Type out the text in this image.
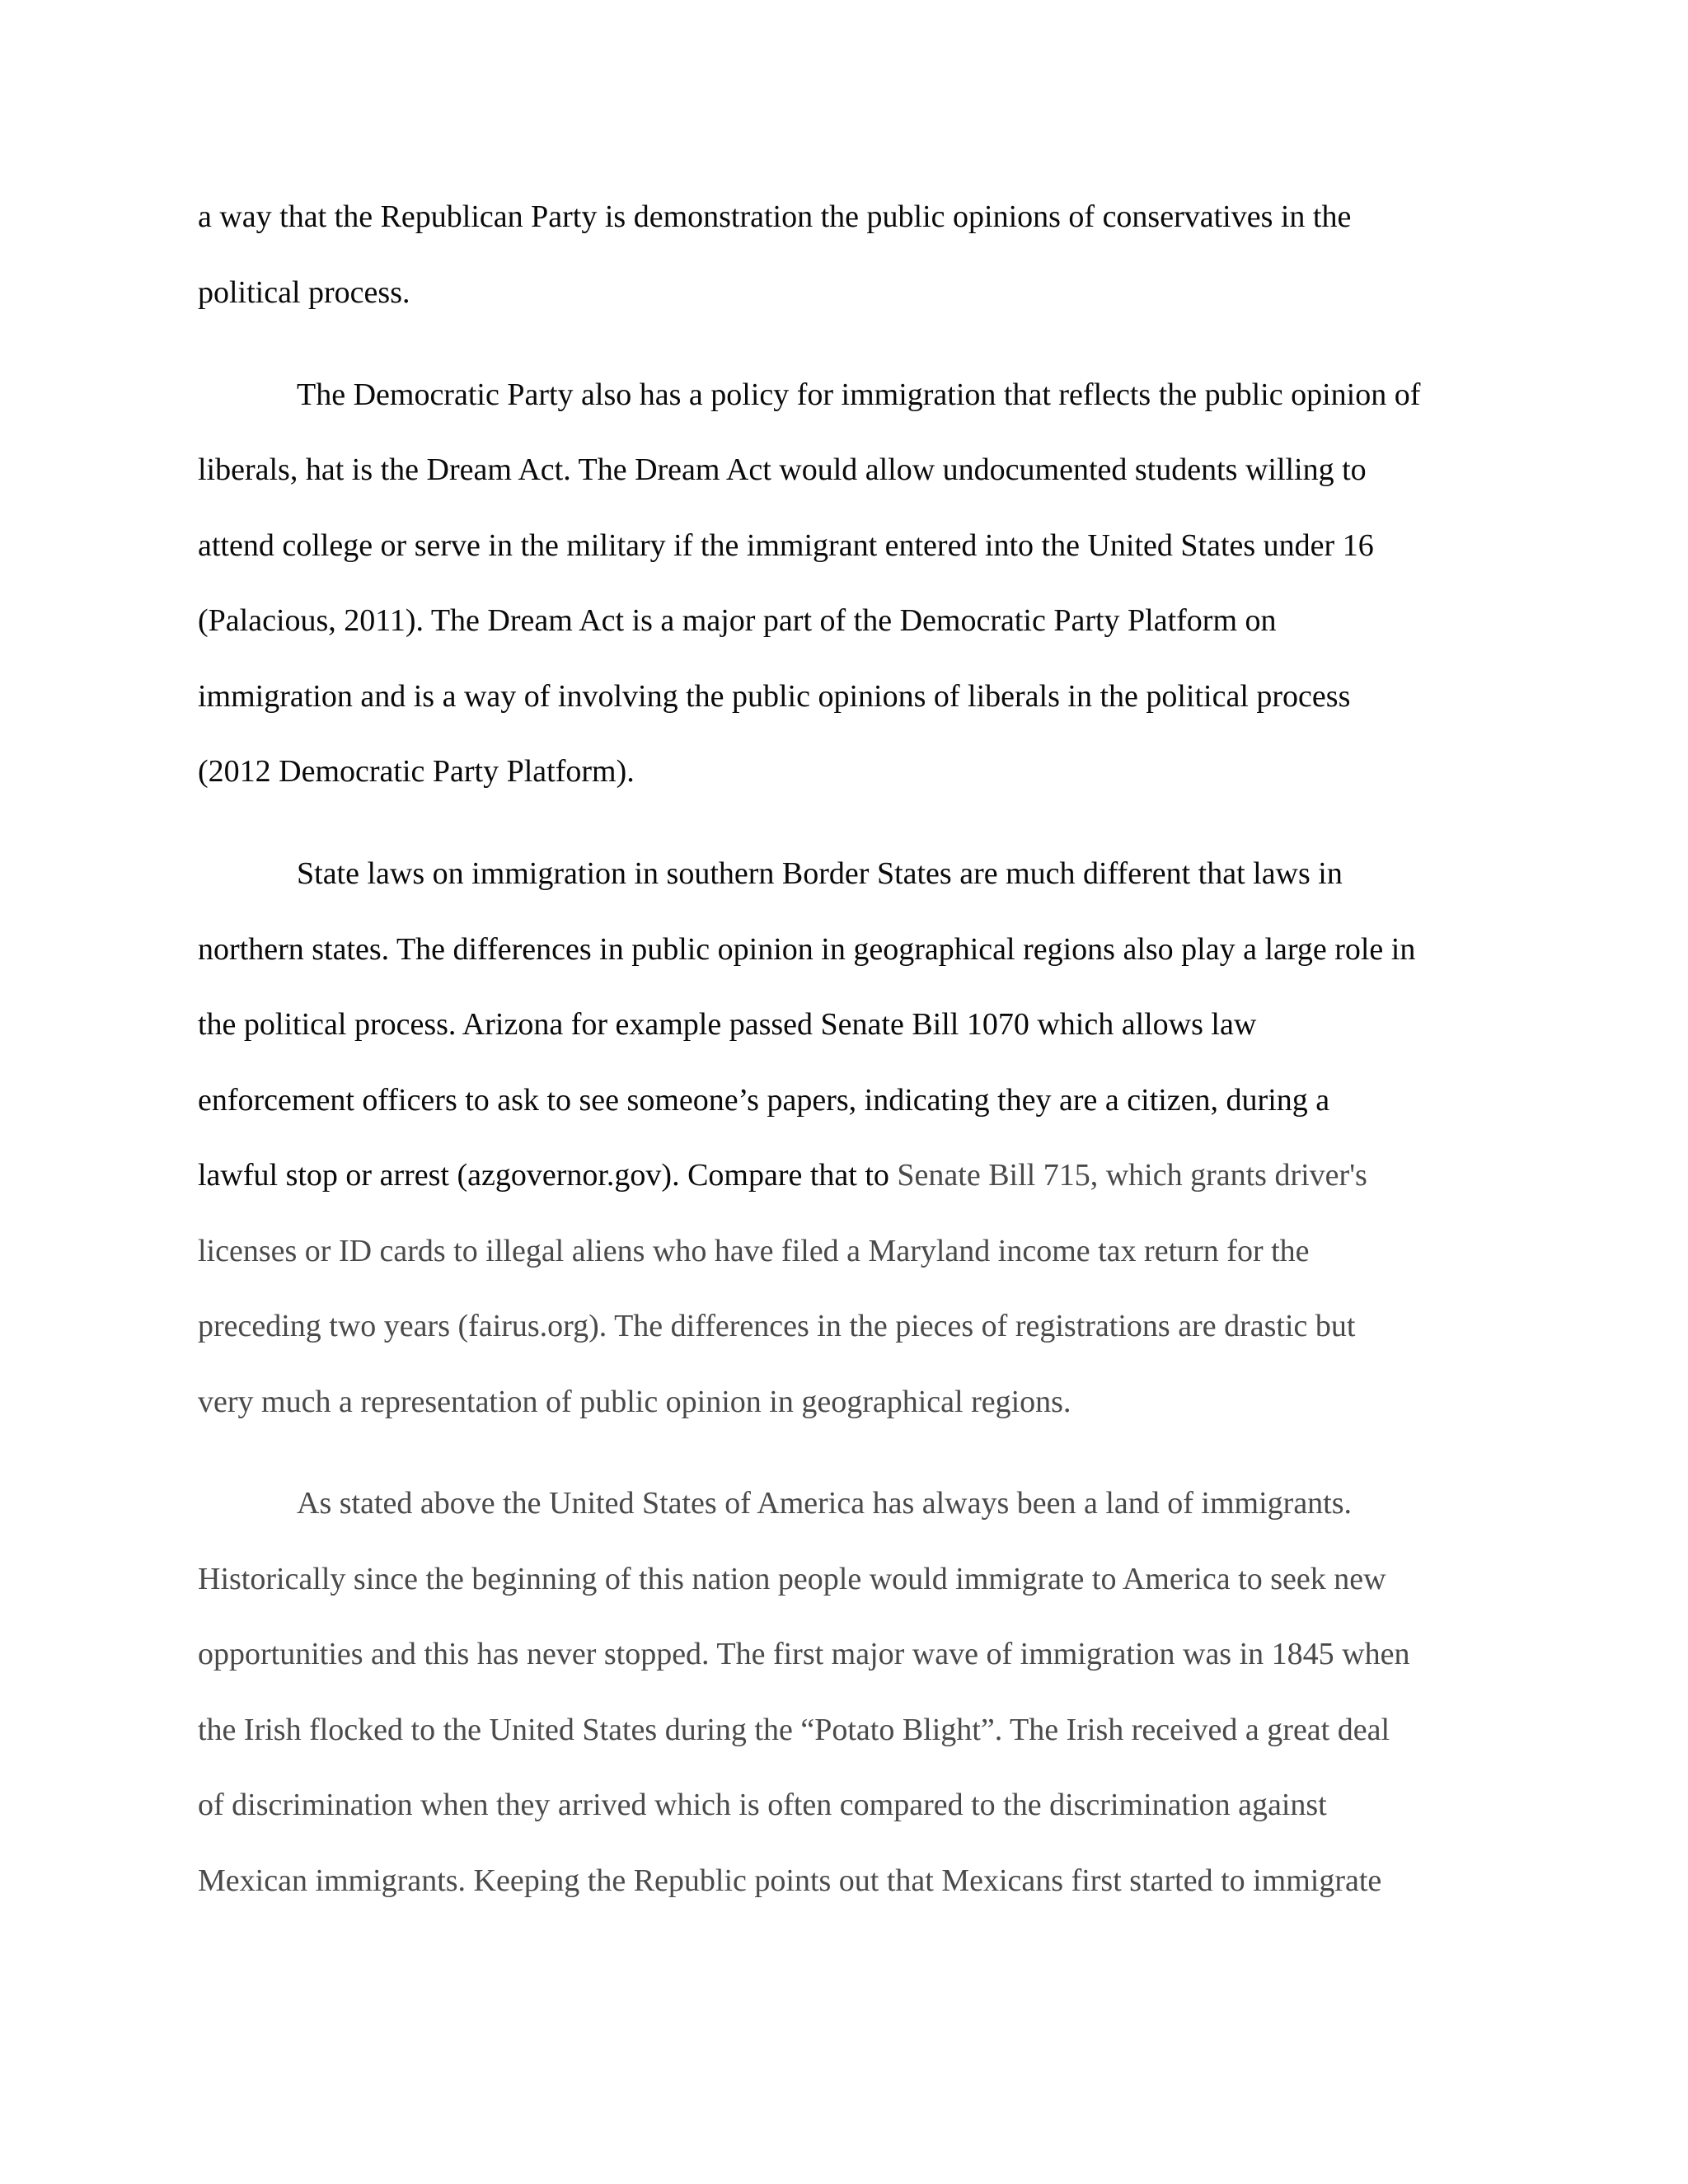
a way that the Republican Party is demonstration the public opinions of conservatives in the

political process.

The Democratic Party also has a policy for immigration that reflects the public opinion of

liberals, hat is the Dream Act. The Dream Act would allow undocumented students willing to

attend college or serve in the military if the immigrant entered into the United States under 16

(Palacious, 2011). The Dream Act is a major part of the Democratic Party Platform on

immigration and is a way of involving the public opinions of liberals in the political process

(2012 Democratic Party Platform).

State laws on immigration in southern Border States are much different that laws in

northern states. The differences in public opinion in geographical regions also play a large role in

the political process. Arizona for example passed Senate Bill 1070 which allows law

enforcement officers to ask to see someone’s papers, indicating they are a citizen, during a

lawful stop or arrest (azgovernor.gov). Compare that to Senate Bill 715, which grants driver's

licenses or ID cards to illegal aliens who have filed a Maryland income tax return for the

preceding two years (fairus.org). The differences in the pieces of registrations are drastic but

very much a representation of public opinion in geographical regions.

As stated above the United States of America has always been a land of immigrants.

Historically since the beginning of this nation people would immigrate to America to seek new

opportunities and this has never stopped. The first major wave of immigration was in 1845 when

the Irish flocked to the United States during the “Potato Blight”. The Irish received a great deal

of discrimination when they arrived which is often compared to the discrimination against

Mexican immigrants. Keeping the Republic points out that Mexicans first started to immigrate
